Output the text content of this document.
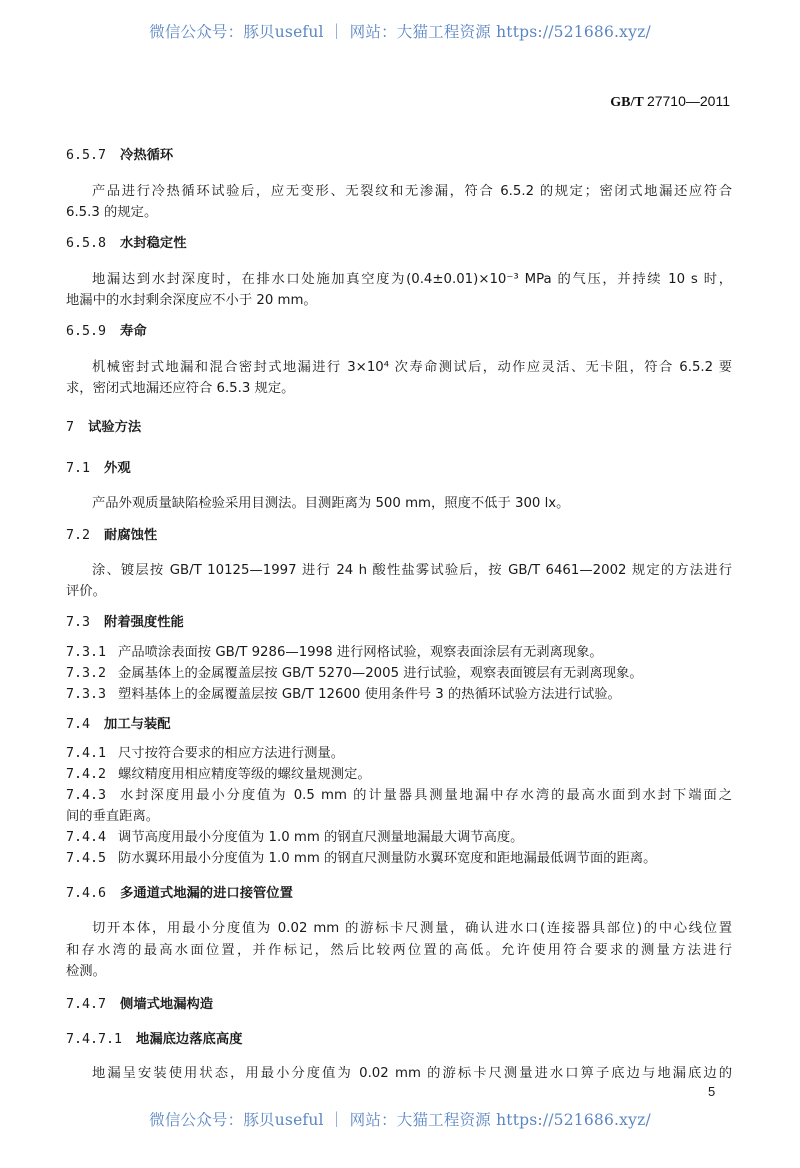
微信公众号：豚贝useful ｜ 网站：大猫工程资源 https://521686.xyz/
GB/T 27710—2011
6.5.7 冷热循环
产品进行冷热循环试验后，应无变形、无裂纹和无渗漏，符合 6.5.2 的规定；密闭式地漏还应符合
6.5.3 的规定。
6.5.8 水封稳定性
地漏达到水封深度时，在排水口处施加真空度为(0.4±0.01)×10⁻³ MPa 的气压，并持续 10 s 时，
地漏中的水封剩余深度应不小于 20 mm。
6.5.9 寿命
机械密封式地漏和混合密封式地漏进行 3×10⁴ 次寿命测试后，动作应灵活、无卡阻，符合 6.5.2 要
求，密闭式地漏还应符合 6.5.3 规定。
7 试验方法
7.1 外观
产品外观质量缺陷检验采用目测法。目测距离为 500 mm，照度不低于 300 lx。
7.2 耐腐蚀性
涂、镀层按 GB/T 10125—1997 进行 24 h 酸性盐雾试验后，按 GB/T 6461—2002 规定的方法进行
评价。
7.3 附着强度性能
7.3.1 产品喷涂表面按 GB/T 9286—1998 进行网格试验，观察表面涂层有无剥离现象。
7.3.2 金属基体上的金属覆盖层按 GB/T 5270—2005 进行试验，观察表面镀层有无剥离现象。
7.3.3 塑料基体上的金属覆盖层按 GB/T 12600 使用条件号 3 的热循环试验方法进行试验。
7.4 加工与装配
7.4.1 尺寸按符合要求的相应方法进行测量。
7.4.2 螺纹精度用相应精度等级的螺纹量规测定。
7.4.3 水封深度用最小分度值为 0.5 mm 的计量器具测量地漏中存水湾的最高水面到水封下端面之
间的垂直距离。
7.4.4 调节高度用最小分度值为 1.0 mm 的钢直尺测量地漏最大调节高度。
7.4.5 防水翼环用最小分度值为 1.0 mm 的钢直尺测量防水翼环宽度和距地漏最低调节面的距离。
7.4.6 多通道式地漏的进口接管位置
切开本体，用最小分度值为 0.02 mm 的游标卡尺测量，确认进水口(连接器具部位)的中心线位置
和存水湾的最高水面位置，并作标记，然后比较两位置的高低。允许使用符合要求的测量方法进行
检测。
7.4.7 侧墙式地漏构造
7.4.7.1 地漏底边落底高度
地漏呈安装使用状态，用最小分度值为 0.02 mm 的游标卡尺测量进水口箅子底边与地漏底边的
5
微信公众号：豚贝useful ｜ 网站：大猫工程资源 https://521686.xyz/
